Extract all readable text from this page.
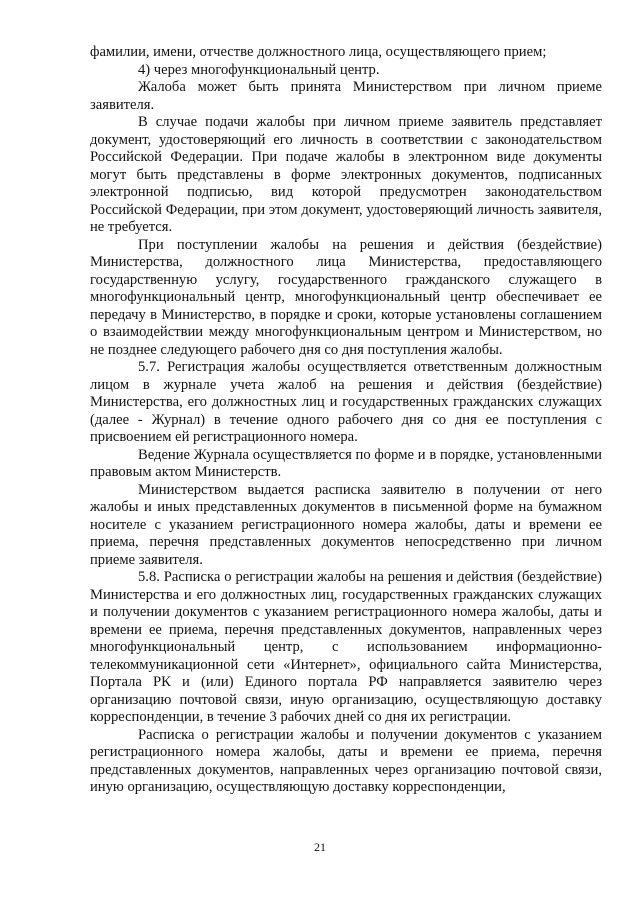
фамилии, имени, отчестве должностного лица, осуществляющего прием;

4) через многофункциональный центр.

Жалоба может быть принята Министерством при личном приеме заявителя.

В случае подачи жалобы при личном приеме заявитель представляет документ, удостоверяющий его личность в соответствии с законодательством Российской Федерации. При подаче жалобы в электронном виде документы могут быть представлены в форме электронных документов, подписанных электронной подписью, вид которой предусмотрен законодательством Российской Федерации, при этом документ, удостоверяющий личность заявителя, не требуется.

При поступлении жалобы на решения и действия (бездействие) Министерства, должностного лица Министерства, предоставляющего государственную услугу, государственного гражданского служащего в многофункциональный центр, многофункциональный центр обеспечивает ее передачу в Министерство, в порядке и сроки, которые установлены соглашением о взаимодействии между многофункциональным центром и Министерством, но не позднее следующего рабочего дня со дня поступления жалобы.

5.7. Регистрация жалобы осуществляется ответственным должностным лицом в журнале учета жалоб на решения и действия (бездействие) Министерства, его должностных лиц и государственных гражданских служащих (далее - Журнал) в течение одного рабочего дня со дня ее поступления с присвоением ей регистрационного номера.

Ведение Журнала осуществляется по форме и в порядке, установленными правовым актом Министерств.

Министерством выдается расписка заявителю в получении от него жалобы и иных представленных документов в письменной форме на бумажном носителе с указанием регистрационного номера жалобы, даты и времени ее приема, перечня представленных документов непосредственно при личном приеме заявителя.

5.8. Расписка о регистрации жалобы на решения и действия (бездействие) Министерства и его должностных лиц, государственных гражданских служащих и получении документов с указанием регистрационного номера жалобы, даты и времени ее приема, перечня представленных документов, направленных через многофункциональный центр, с использованием информационно-телекоммуникационной сети «Интернет», официального сайта Министерства, Портала РК и (или) Единого портала РФ направляется заявителю через организацию почтовой связи, иную организацию, осуществляющую доставку корреспонденции, в течение 3 рабочих дней со дня их регистрации.

Расписка о регистрации жалобы и получении документов с указанием регистрационного номера жалобы, даты и времени ее приема, перечня представленных документов, направленных через организацию почтовой связи, иную организацию, осуществляющую доставку корреспонденции,

21
